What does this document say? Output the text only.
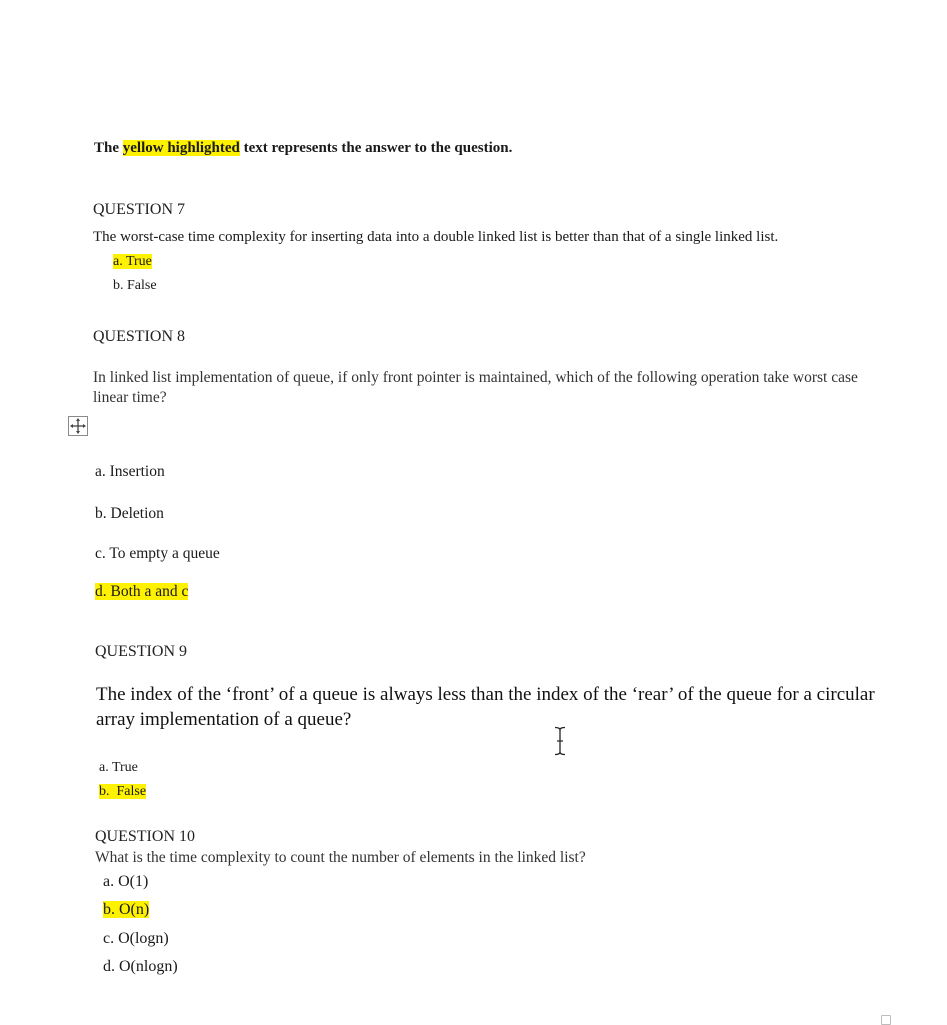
The yellow highlighted text represents the answer to the question.
QUESTION 7
The worst-case time complexity for inserting data into a double linked list is better than that of a single linked list.
a. True
b. False
QUESTION 8
In linked list implementation of queue, if only front pointer is maintained, which of the following operation take worst case linear time?
a. Insertion
b. Deletion
c. To empty a queue
d. Both a and c
QUESTION 9
The index of the ‘front’ of a queue is always less than the index of the ‘rear’ of the queue for a circular array implementation of a queue?
a. True
b.  False
QUESTION 10
What is the time complexity to count the number of elements in the linked list?
a. O(1)
b. O(n)
c. O(logn)
d. O(nlogn)
